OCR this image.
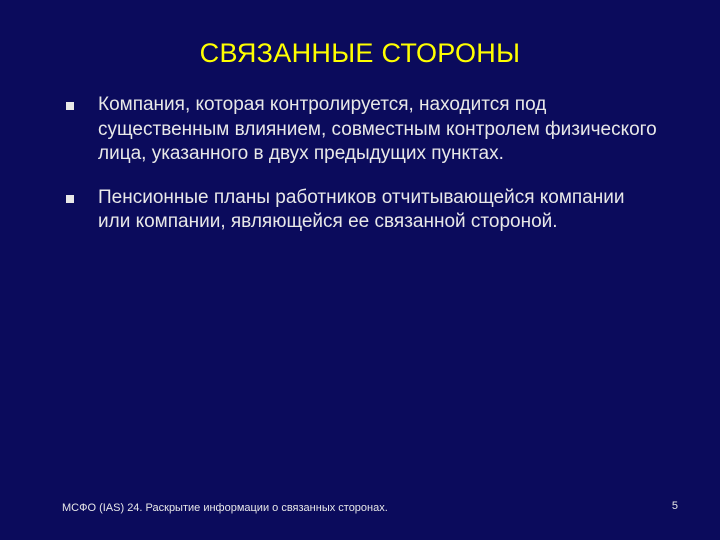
СВЯЗАННЫЕ СТОРОНЫ
Компания, которая контролируется, находится под существенным влиянием, совместным контролем физического лица, указанного в двух предыдущих пунктах.
Пенсионные планы работников отчитывающейся компании или компании, являющейся ее связанной стороной.
МСФО (IAS) 24. Раскрытие информации о связанных сторонах.	5
